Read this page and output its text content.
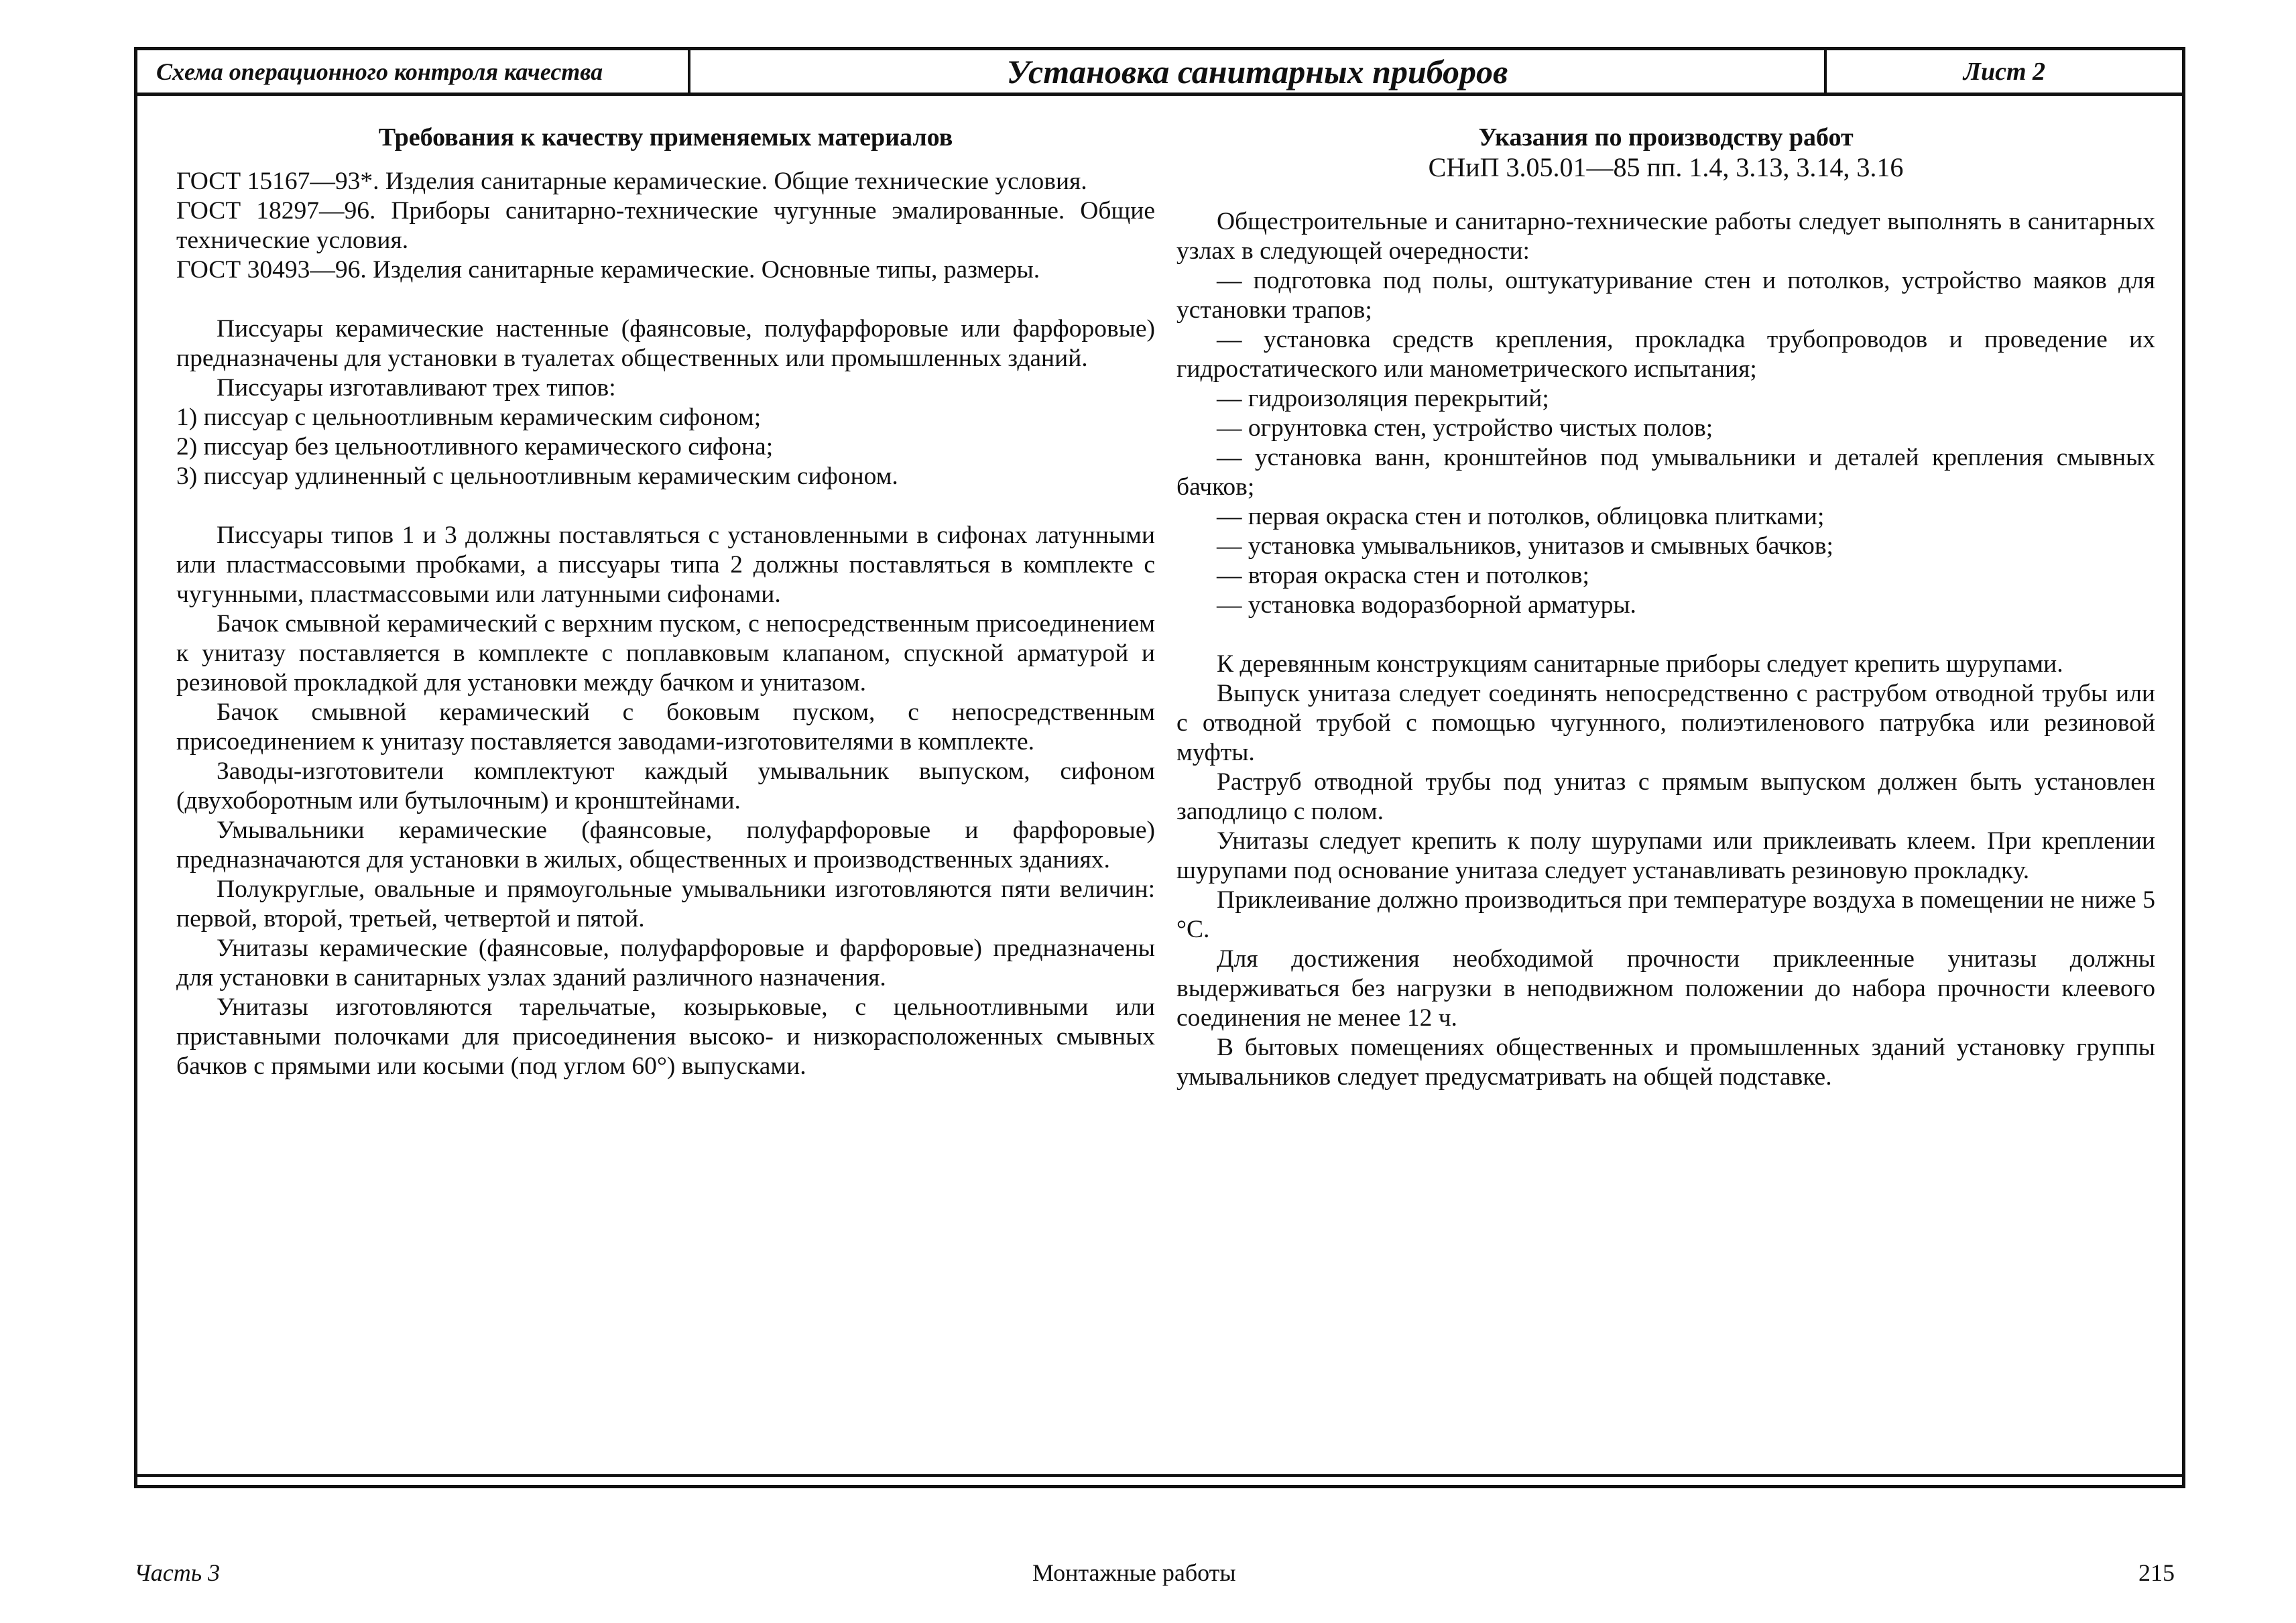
Схема операционного контроля качества	Установка санитарных приборов	Лист 2
Требования к качеству применяемых материалов

ГОСТ 15167—93*. Изделия санитарные керамические. Общие технические условия.

ГОСТ 18297—96. Приборы санитарно-технические чугунные эмалированные. Общие технические условия.

ГОСТ 30493—96. Изделия санитарные керамические. Основные типы, размеры.

Писсуары керамические настенные (фаянсовые, полуфарфоровые или фарфоровые) предназначены для установки в туалетах общественных или промышленных зданий.

Писсуары изготавливают трех типов:

1) писсуар с цельноотливным керамическим сифоном;

2) писсуар без цельноотливного керамического сифона;

3) писсуар удлиненный с цельноотливным керамическим сифоном.

Писсуары типов 1 и 3 должны поставляться с установленными в сифонах латунными или пластмассовыми пробками, а писсуары типа 2 должны поставляться в комплекте с чугунными, пластмассовыми или латунными сифонами.

Бачок смывной керамический с верхним пуском, с непосредственным присоединением к унитазу поставляется в комплекте с поплавковым клапаном, спускной арматурой и резиновой прокладкой для установки между бачком и унитазом.

Бачок смывной керамический с боковым пуском, с непосредственным присоединением к унитазу поставляется заводами-изготовителями в комплекте.

Заводы-изготовители комплектуют каждый умывальник выпуском, сифоном (двухоборотным или бутылочным) и кронштейнами.

Умывальники керамические (фаянсовые, полуфарфоровые и фарфоровые) предназначаются для установки в жилых, общественных и производственных зданиях.

Полукруглые, овальные и прямоугольные умывальники изготовляются пяти величин: первой, второй, третьей, четвертой и пятой.

Унитазы керамические (фаянсовые, полуфарфоровые и фарфоровые) предназначены для установки в санитарных узлах зданий различного назначения.

Унитазы изготовляются тарельчатые, козырьковые, с цельноотливными или приставными полочками для присоединения высоко- и низкорасположенных смывных бачков с прямыми или косыми (под углом 60°) выпусками.

Указания по производству работ
СНиП 3.05.01—85 пп. 1.4, 3.13, 3.14, 3.16

Общестроительные и санитарно-технические работы следует выполнять в санитарных узлах в следующей очередности:

— подготовка под полы, оштукатуривание стен и потолков, устройство маяков для установки трапов;

— установка средств крепления, прокладка трубопроводов и проведение их гидростатического или манометрического испытания;

— гидроизоляция перекрытий;

— огрунтовка стен, устройство чистых полов;

— установка ванн, кронштейнов под умывальники и деталей крепления смывных бачков;

— первая окраска стен и потолков, облицовка плитками;

— установка умывальников, унитазов и смывных бачков;

— вторая окраска стен и потолков;

— установка водоразборной арматуры.

К деревянным конструкциям санитарные приборы следует крепить шурупами.

Выпуск унитаза следует соединять непосредственно с раструбом отводной трубы или с отводной трубой с помощью чугунного, полиэтиленового патрубка или резиновой муфты.

Раструб отводной трубы под унитаз с прямым выпуском должен быть установлен заподлицо с полом.

Унитазы следует крепить к полу шурупами или приклеивать клеем. При креплении шурупами под основание унитаза следует устанавливать резиновую прокладку.

Приклеивание должно производиться при температуре воздуха в помещении не ниже 5 °С.

Для достижения необходимой прочности приклеенные унитазы должны выдерживаться без нагрузки в неподвижном положении до набора прочности клеевого соединения не менее 12 ч.

В бытовых помещениях общественных и промышленных зданий установку группы умывальников следует предусматривать на общей подставке.

Часть 3	Монтажные работы	215
